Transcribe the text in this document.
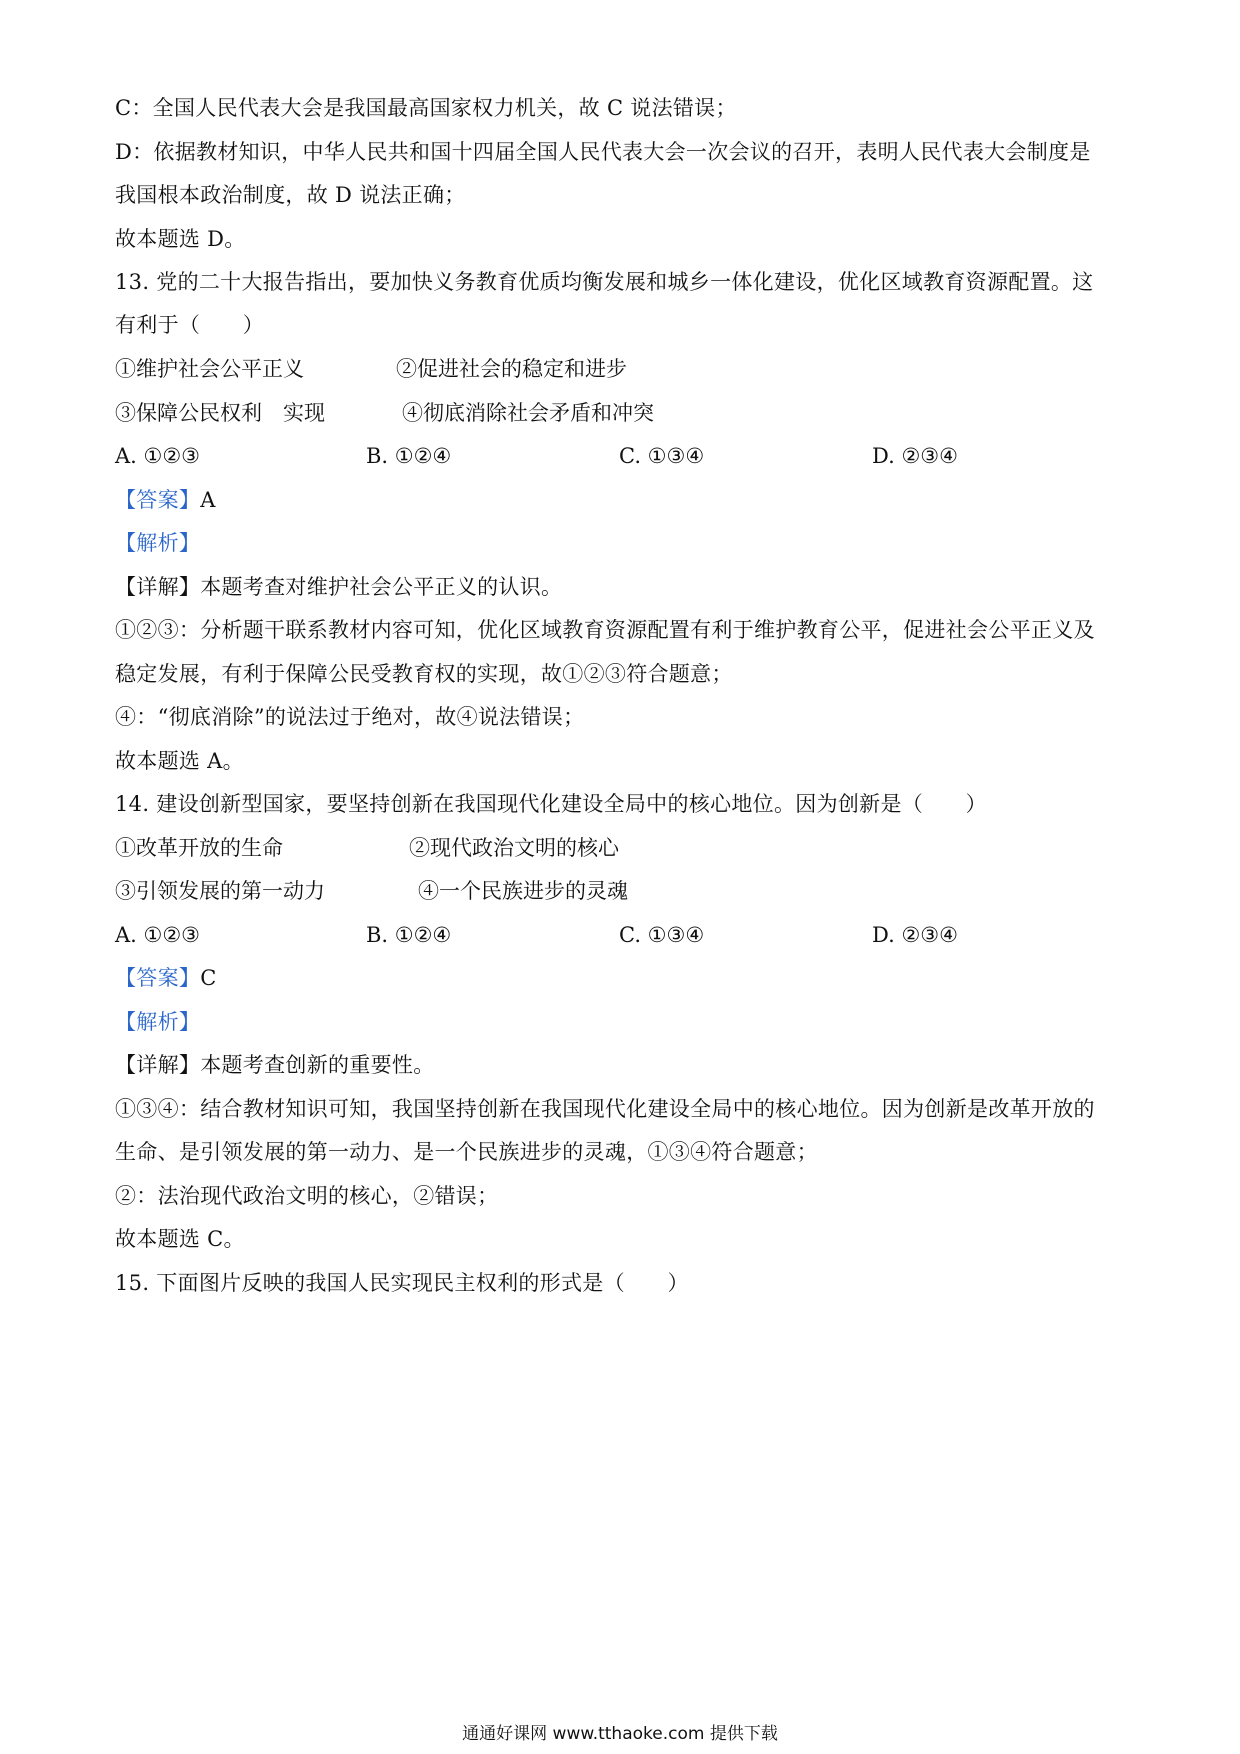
C：全国人民代表大会是我国最高国家权力机关，故 C 说法错误；
D：依据教材知识，中华人民共和国十四届全国人民代表大会一次会议的召开，表明人民代表大会制度是
我国根本政治制度，故 D 说法正确；
故本题选 D。
13. 党的二十大报告指出，要加快义务教育优质均衡发展和城乡一体化建设，优化区域教育资源配置。这
有利于（　　）
①维护社会公平正义	②促进社会的稳定和进步
③保障公民权利　实现	④彻底消除社会矛盾和冲突
A. ①②③	B. ①②④	C. ①③④	D. ②③④
【答案】A
【解析】
【详解】本题考查对维护社会公平正义的认识。
①②③：分析题干联系教材内容可知，优化区域教育资源配置有利于维护教育公平，促进社会公平正义及
稳定发展，有利于保障公民受教育权的实现，故①②③符合题意；
④：“彻底消除”的说法过于绝对，故④说法错误；
故本题选 A。
14. 建设创新型国家，要坚持创新在我国现代化建设全局中的核心地位。因为创新是（　　）
①改革开放的生命	②现代政治文明的核心
③引领发展的第一动力	④一个民族进步的灵魂
A. ①②③	B. ①②④	C. ①③④	D. ②③④
【答案】C
【解析】
【详解】本题考查创新的重要性。
①③④：结合教材知识可知，我国坚持创新在我国现代化建设全局中的核心地位。因为创新是改革开放的
生命、是引领发展的第一动力、是一个民族进步的灵魂，①③④符合题意；
②：法治现代政治文明的核心，②错误；
故本题选 C。
15. 下面图片反映的我国人民实现民主权利的形式是（　　）
通通好课网 www.tthaoke.com 提供下载
